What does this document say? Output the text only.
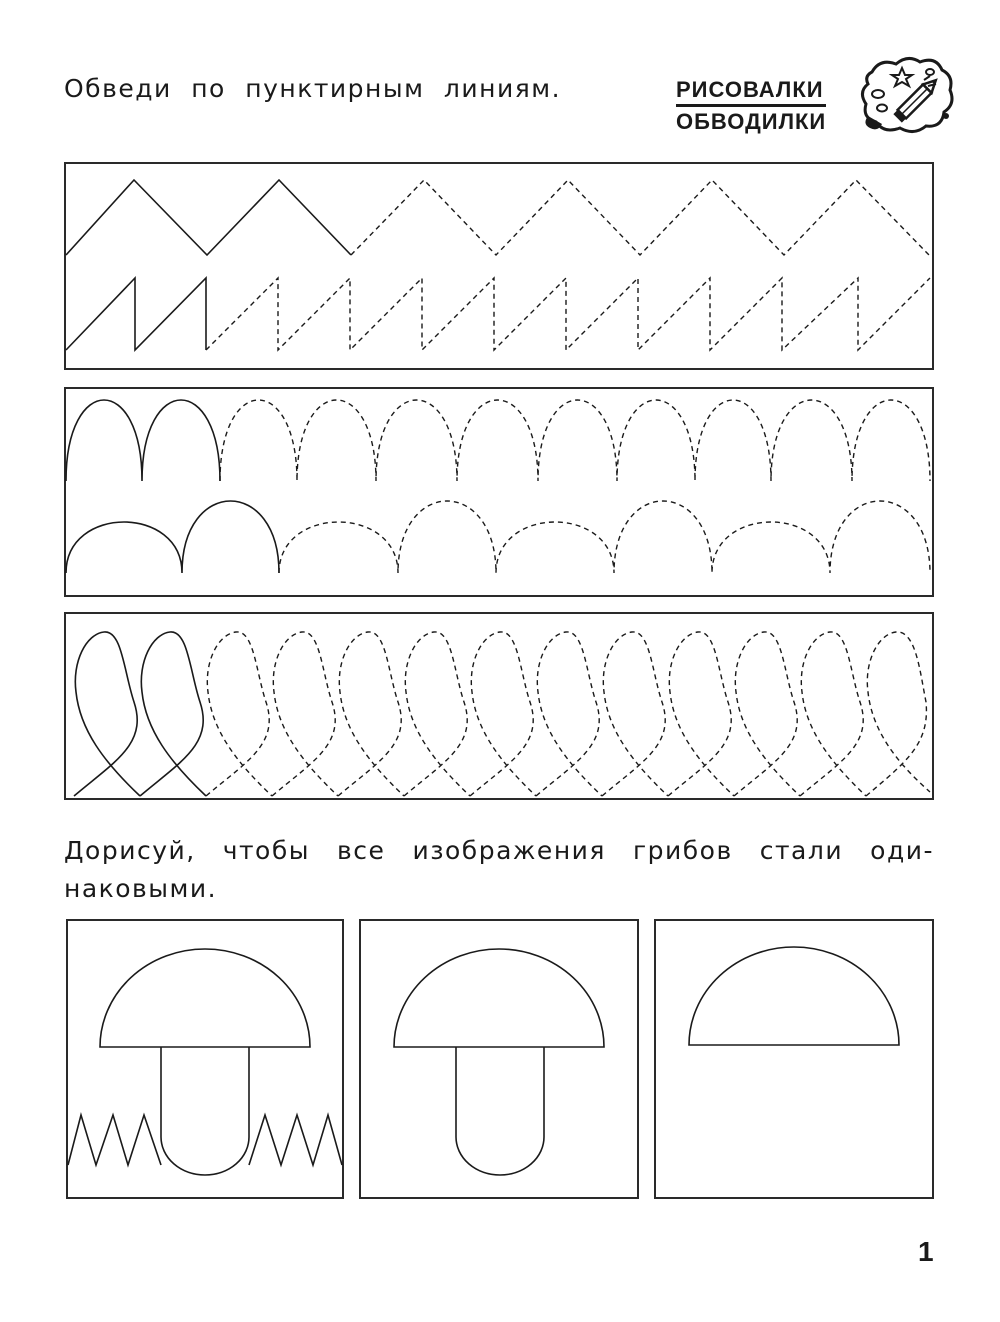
Обведи по пунктирным линиям.	РИСОВАЛКИ
ОБВОДИЛКИ

Дорисуй, чтобы все изображения грибов стали оди-
наковыми.

1
